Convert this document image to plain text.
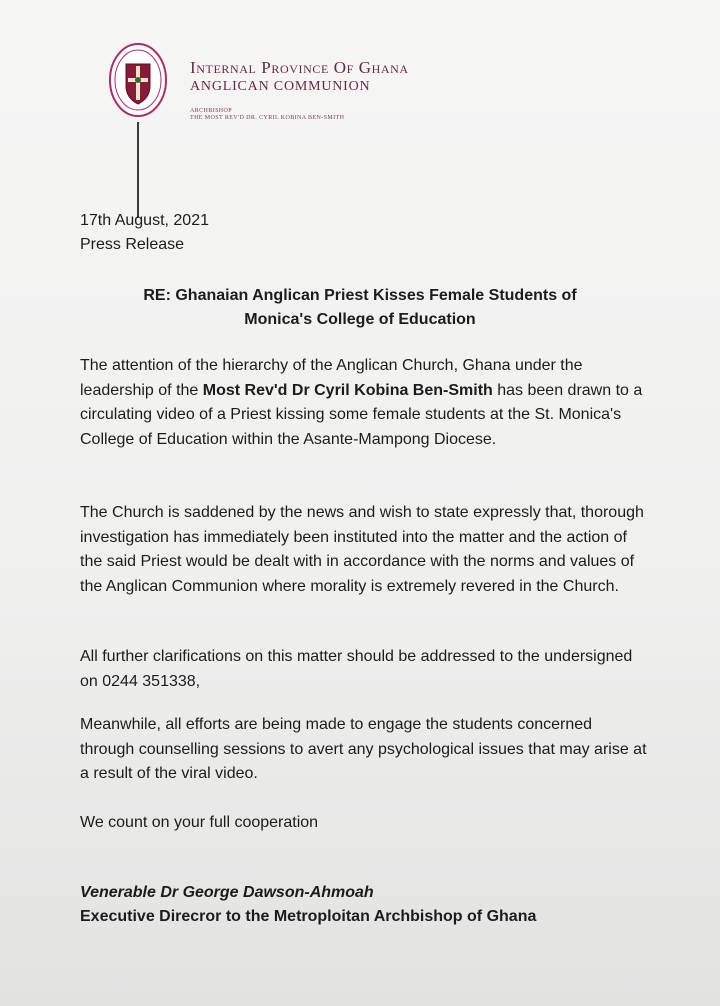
Internal Province Of Ghana
ANGLICAN COMMUNION
ARCHBISHOP
THE MOST REV'D DR. CYRIL KOBINA BEN-SMITH
17th August, 2021
Press Release
RE: Ghanaian Anglican Priest Kisses Female Students of
Monica's College of Education

The attention of the hierarchy of the Anglican Church, Ghana under the leadership of the Most Rev'd Dr Cyril Kobina Ben-Smith has been drawn to a circulating video of a Priest kissing some female students at the St. Monica's College of Education within the Asante-Mampong Diocese.

The Church is saddened by the news and wish to state expressly that, thorough investigation has immediately been instituted into the matter and the action of the said Priest would be dealt with in accordance with the norms and values of the Anglican Communion where morality is extremely revered in the Church.

All further clarifications on this matter should be addressed to the undersigned on 0244 351338,

Meanwhile, all efforts are being made to engage the students concerned through counselling sessions to avert any psychological issues that may arise at a result of the viral video.

We count on your full cooperation

Venerable Dr George Dawson-Ahmoah
Executive Direcror to the Metroploitan Archbishop of Ghana
